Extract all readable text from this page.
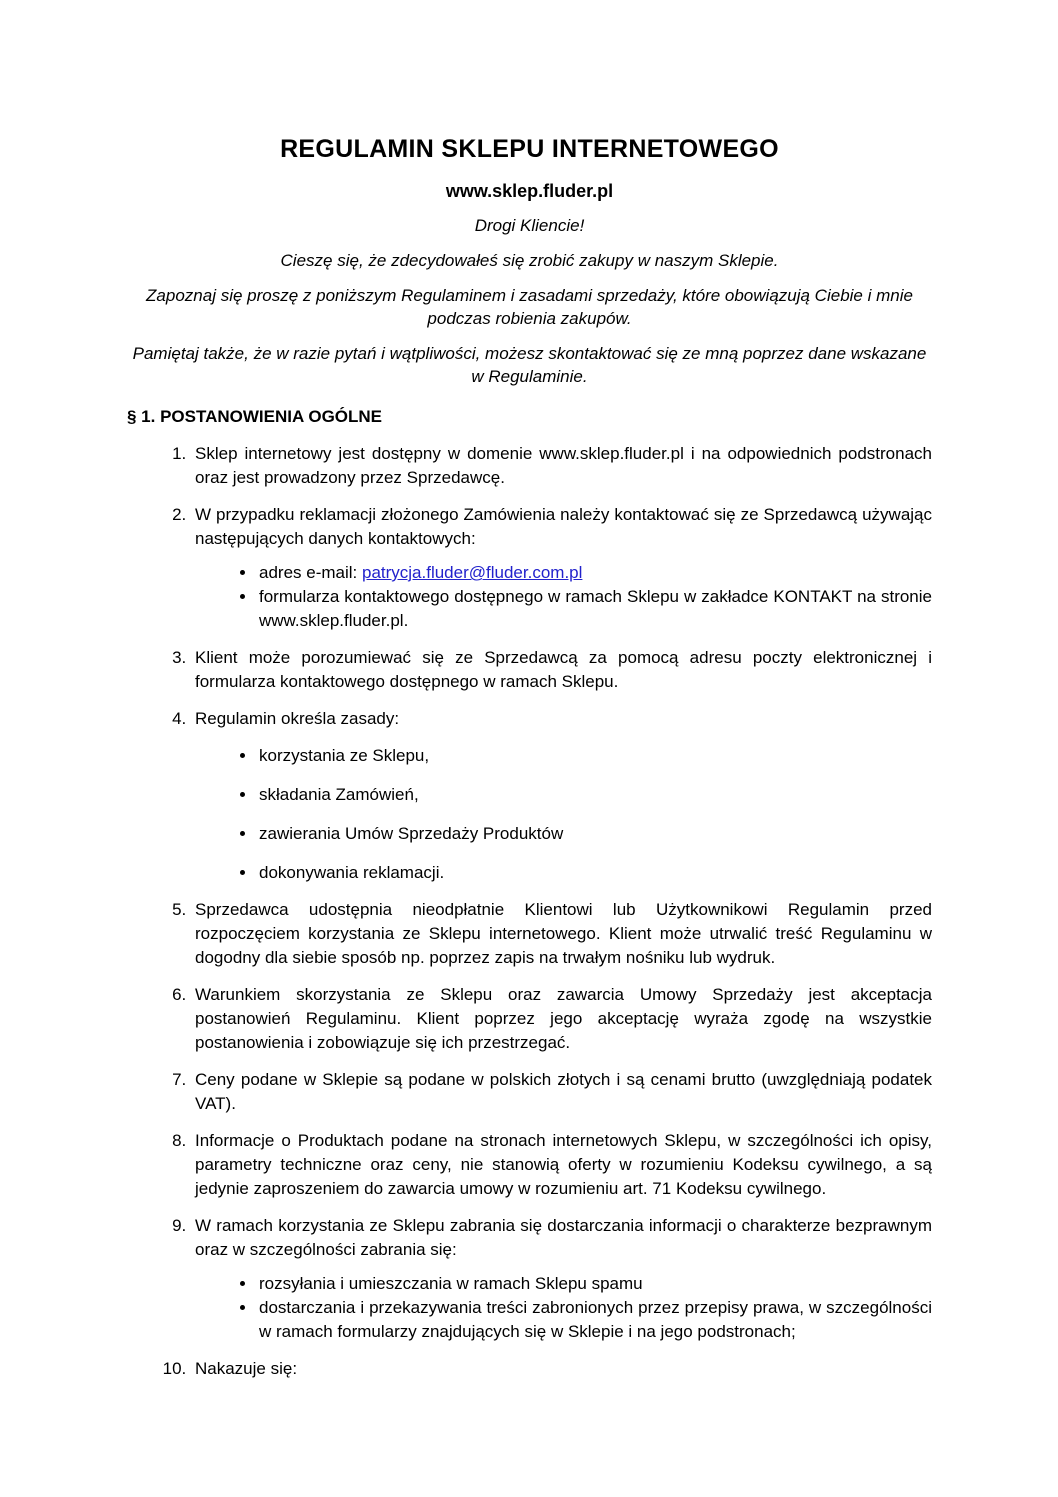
REGULAMIN SKLEPU INTERNETOWEGO
www.sklep.fluder.pl

Drogi Kliencie!

Cieszę się, że zdecydowałeś się zrobić zakupy w naszym Sklepie.

Zapoznaj się proszę z poniższym Regulaminem i zasadami sprzedaży, które obowiązują Ciebie i mnie podczas robienia zakupów.

Pamiętaj także, że w razie pytań i wątpliwości, możesz skontaktować się ze mną poprzez dane wskazane w Regulaminie.

§ 1. POSTANOWIENIA OGÓLNE
1. Sklep internetowy jest dostępny w domenie www.sklep.fluder.pl i na odpowiednich podstronach oraz jest prowadzony przez Sprzedawcę.
2. W przypadku reklamacji złożonego Zamówienia należy kontaktować się ze Sprzedawcą używając następujących danych kontaktowych:
• adres e-mail: patrycja.fluder@fluder.com.pl
• formularza kontaktowego dostępnego w ramach Sklepu w zakładce KONTAKT na stronie www.sklep.fluder.pl.
3. Klient może porozumiewać się ze Sprzedawcą za pomocą adresu poczty elektronicznej i formularza kontaktowego dostępnego w ramach Sklepu.
4. Regulamin określa zasady:
• korzystania ze Sklepu,
• składania Zamówień,
• zawierania Umów Sprzedaży Produktów
• dokonywania reklamacji.
5. Sprzedawca udostępnia nieodpłatnie Klientowi lub Użytkownikowi Regulamin przed rozpoczęciem korzystania ze Sklepu internetowego. Klient może utrwalić treść Regulaminu w dogodny dla siebie sposób np. poprzez zapis na trwałym nośniku lub wydruk.
6. Warunkiem skorzystania ze Sklepu oraz zawarcia Umowy Sprzedaży jest akceptacja postanowień Regulaminu. Klient poprzez jego akceptację wyraża zgodę na wszystkie postanowienia i zobowiązuje się ich przestrzegać.
7. Ceny podane w Sklepie są podane w polskich złotych i są cenami brutto (uwzględniają podatek VAT).
8. Informacje o Produktach podane na stronach internetowych Sklepu, w szczególności ich opisy, parametry techniczne oraz ceny, nie stanowią oferty w rozumieniu Kodeksu cywilnego, a są jedynie zaproszeniem do zawarcia umowy w rozumieniu art. 71 Kodeksu cywilnego.
9. W ramach korzystania ze Sklepu zabrania się dostarczania informacji o charakterze bezprawnym oraz w szczególności zabrania się:
• rozsyłania i umieszczania w ramach Sklepu spamu
• dostarczania i przekazywania treści zabronionych przez przepisy prawa, w szczególności w ramach formularzy znajdujących się w Sklepie i na jego podstronach;
10. Nakazuje się:
